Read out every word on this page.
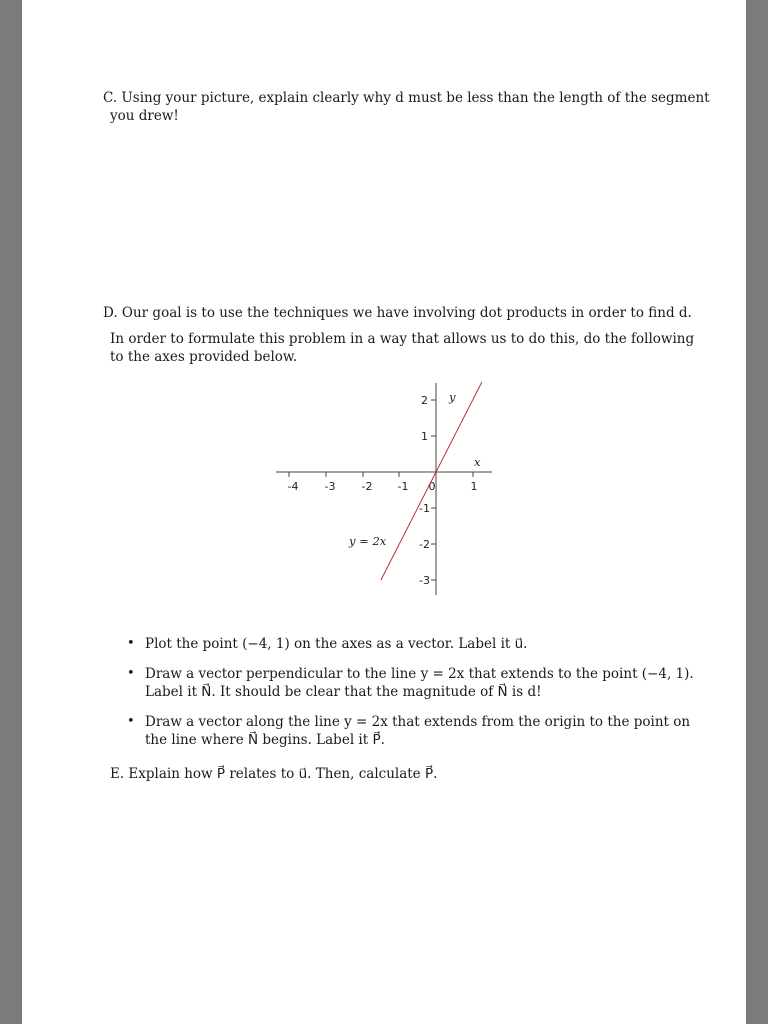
C. Using your picture, explain clearly why d must be less than the length of the segment
you drew!
D. Our goal is to use the techniques we have involving dot products in order to find d.
In order to formulate this problem in a way that allows us to do this, do the following
to the axes provided below.
-4 -3 -2 -1 0	1
2
1
-1
-2
-3
y
x
y = 2x
• Plot the point (−4, 1) on the axes as a vector. Label it u⃗.
• Draw a vector perpendicular to the line y = 2x that extends to the point (−4, 1).
Label it N⃗. It should be clear that the magnitude of N⃗ is d!
• Draw a vector along the line y = 2x that extends from the origin to the point on
the line where N⃗ begins. Label it P⃗.
E. Explain how P⃗ relates to u⃗. Then, calculate P⃗.
